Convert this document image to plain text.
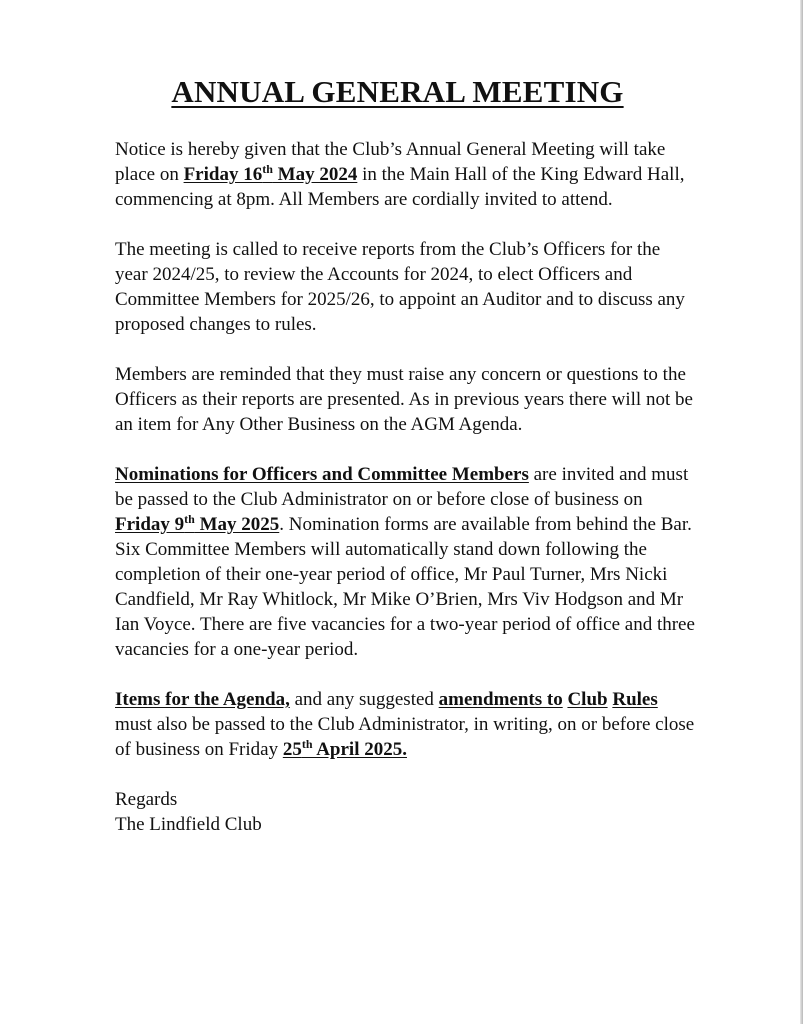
ANNUAL GENERAL MEETING

Notice is hereby given that the Club’s Annual General Meeting will take place on Friday 16th May 2024 in the Main Hall of the King Edward Hall, commencing at 8pm. All Members are cordially invited to attend.

The meeting is called to receive reports from the Club’s Officers for the year 2024/25, to review the Accounts for 2024, to elect Officers and Committee Members for 2025/26, to appoint an Auditor and to discuss any proposed changes to rules.

Members are reminded that they must raise any concern or questions to the Officers as their reports are presented. As in previous years there will not be an item for Any Other Business on the AGM Agenda.

Nominations for Officers and Committee Members are invited and must be passed to the Club Administrator on or before close of business on Friday 9th May 2025. Nomination forms are available from behind the Bar.

Six Committee Members will automatically stand down following the completion of their one-year period of office, Mr Paul Turner, Mrs Nicki Candfield, Mr Ray Whitlock, Mr Mike O’Brien, Mrs Viv Hodgson and Mr Ian Voyce. There are five vacancies for a two-year period of office and three vacancies for a one-year period.

Items for the Agenda, and any suggested amendments to Club Rules must also be passed to the Club Administrator, in writing, on or before close of business on Friday 25th April 2025.

Regards

The Lindfield Club
